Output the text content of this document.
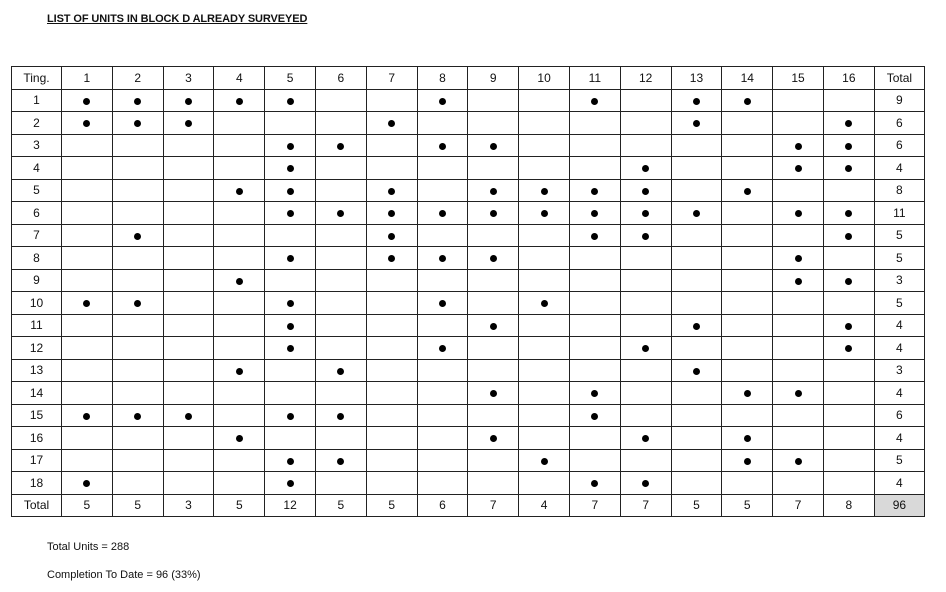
LIST OF UNITS IN BLOCK D ALREADY SURVEYED
Ting.	1	2	3	4	5	6	7	8	9	10	11	12	13	14	15	16	Total
1																	9
2																	6
3																	6
4																	4
5																	8
6																	11
7																	5
8																	5
9																	3
10																	5
11																	4
12																	4
13																	3
14																	4
15																	6
16																	4
17																	5
18																	4
Total	5	5	3	5	12	5	5	6	7	4	7	7	5	5	7	8	96
Total Units = 288
Completion To Date = 96 (33%)
